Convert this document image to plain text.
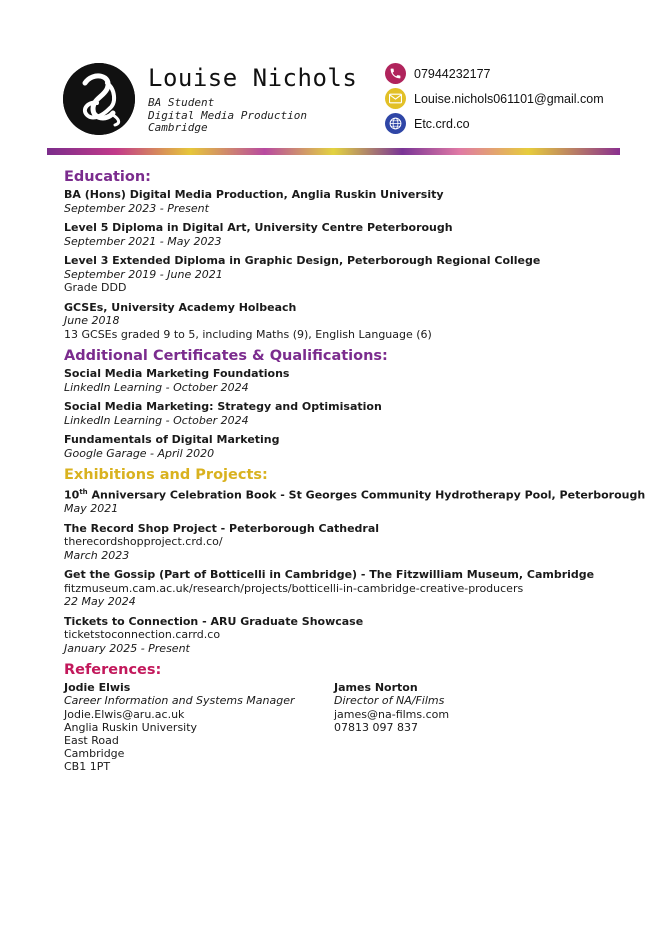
Louise Nichols
BA Student
Digital Media Production
Cambridge
07944232177
Louise.nichols061101@gmail.com
Etc.crd.co
Education:
BA (Hons) Digital Media Production, Anglia Ruskin University
September 2023 - Present
Level 5 Diploma in Digital Art, University Centre Peterborough
September 2021 - May 2023
Level 3 Extended Diploma in Graphic Design, Peterborough Regional College
September 2019 - June 2021
Grade DDD
GCSEs, University Academy Holbeach
June 2018
13 GCSEs graded 9 to 5, including Maths (9), English Language (6)
Additional Certificates & Qualifications:
Social Media Marketing Foundations
LinkedIn Learning - October 2024
Social Media Marketing: Strategy and Optimisation
LinkedIn Learning - October 2024
Fundamentals of Digital Marketing
Google Garage - April 2020
Exhibitions and Projects:
10th Anniversary Celebration Book - St Georges Community Hydrotherapy Pool, Peterborough
May 2021
The Record Shop Project - Peterborough Cathedral
therecordshopproject.crd.co/
March 2023
Get the Gossip (Part of Botticelli in Cambridge) - The Fitzwilliam Museum, Cambridge
fitzmuseum.cam.ac.uk/research/projects/botticelli-in-cambridge-creative-producers
22 May 2024
Tickets to Connection - ARU Graduate Showcase
ticketstoconnection.carrd.co
January 2025 - Present
References:
Jodie Elwis
Career Information and Systems Manager
Jodie.Elwis@aru.ac.uk
Anglia Ruskin University
East Road
Cambridge
CB1 1PT
James Norton
Director of NA/Films
james@na-films.com
07813 097 837
